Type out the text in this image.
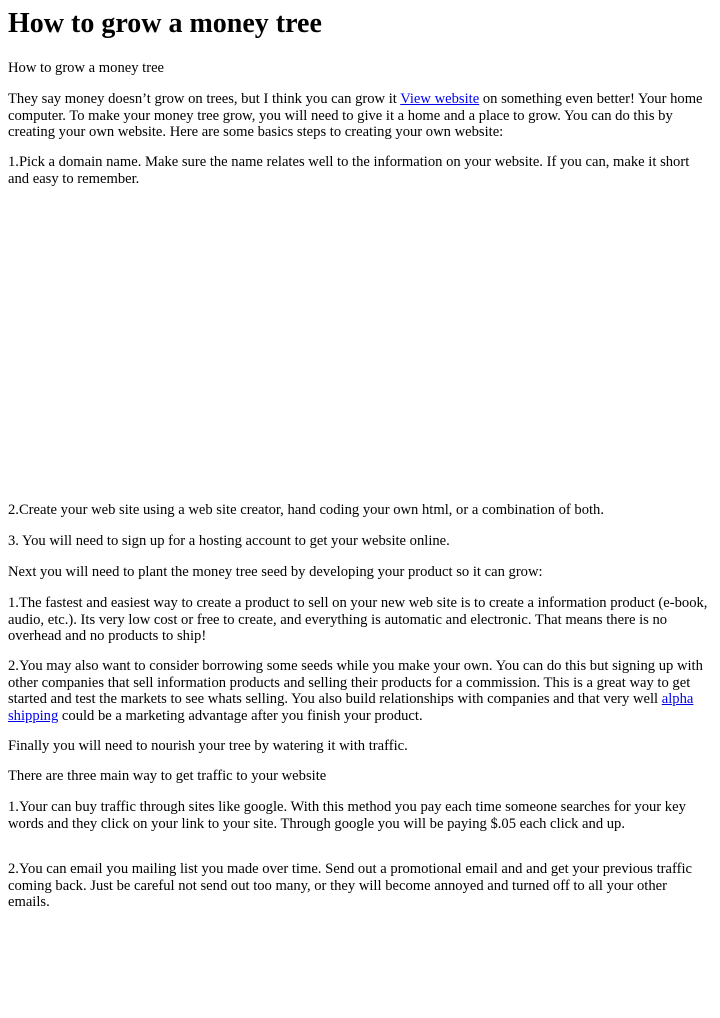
How to grow a money tree

How to grow a money tree

They say money doesn’t grow on trees, but I think you can grow it View website on something even better! Your home computer. To make your money tree grow, you will need to give it a home and a place to grow. You can do this by creating your own website. Here are some basics steps to creating your own website:

1.Pick a domain name. Make sure the name relates well to the information on your website. If you can, make it short and easy to remember.

2.Create your web site using a web site creator, hand coding your own html, or a combination of both.

3. You will need to sign up for a hosting account to get your website online.

Next you will need to plant the money tree seed by developing your product so it can grow:

1.The fastest and easiest way to create a product to sell on your new web site is to create a information product (e-book, audio, etc.). Its very low cost or free to create, and everything is automatic and electronic. That means there is no overhead and no products to ship!

2.You may also want to consider borrowing some seeds while you make your own. You can do this but signing up with other companies that sell information products and selling their products for a commission. This is a great way to get started and test the markets to see whats selling. You also build relationships with companies and that very well alpha shipping could be a marketing advantage after you finish your product.

Finally you will need to nourish your tree by watering it with traffic.

There are three main way to get traffic to your website

1.Your can buy traffic through sites like google. With this method you pay each time someone searches for your key words and they click on your link to your site. Through google you will be paying $.05 each click and up.

2.You can email you mailing list you made over time. Send out a promotional email and and get your previous traffic coming back. Just be careful not send out too many, or they will become annoyed and turned off to all your other emails.
